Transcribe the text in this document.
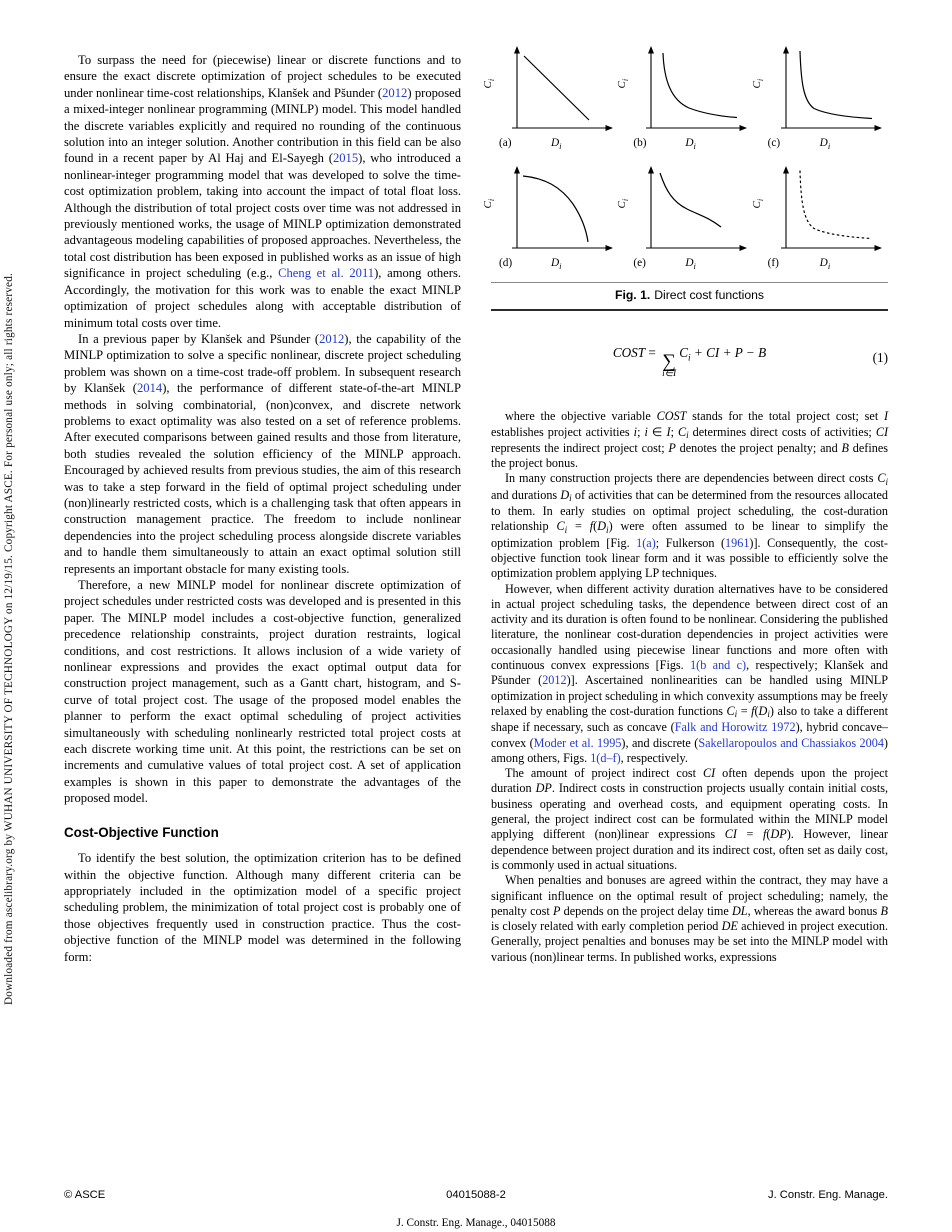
Downloaded from ascelibrary.org by WUHAN UNIVERSITY OF TECHNOLOGY on 12/19/15. Copyright ASCE. For personal use only; all rights reserved.

To surpass the need for (piecewise) linear or discrete functions and to ensure the exact discrete optimization of project schedules to be executed under nonlinear time-cost relationships, Klanšek and Pšunder (2012) proposed a mixed-integer nonlinear programming (MINLP) model. This model handled the discrete variables explicitly and required no rounding of the continuous solution into an integer solution. Another contribution in this field can be also found in a recent paper by Al Haj and El-Sayegh (2015), who introduced a nonlinear-integer programming model that was developed to solve the time-cost optimization problem, taking into account the impact of total float loss. Although the distribution of total project costs over time was not addressed in previously mentioned works, the usage of MINLP optimization demonstrated advantageous modeling capabilities of proposed approaches. Nevertheless, the total cost distribution has been exposed in published works as an issue of high significance in project scheduling (e.g., Cheng et al. 2011), among others. Accordingly, the motivation for this work was to enable the exact MINLP optimization of project schedules along with acceptable distribution of minimum total costs over time.

In a previous paper by Klanšek and Pšunder (2012), the capability of the MINLP optimization to solve a specific nonlinear, discrete project scheduling problem was shown on a time-cost trade-off problem. In subsequent research by Klanšek (2014), the performance of different state-of-the-art MINLP methods in solving combinatorial, (non)convex, and discrete network problems to exact optimality was also tested on a set of reference problems. After executed comparisons between gained results and those from literature, both studies revealed the solution efficiency of the MINLP approach. Encouraged by achieved results from previous studies, the aim of this research was to take a step forward in the field of optimal project scheduling under (non)linearly restricted costs, which is a challenging task that often appears in construction management practice. The freedom to include nonlinear dependencies into the project scheduling process alongside discrete variables and to handle them simultaneously to attain an exact optimal solution still represents an important obstacle for many existing tools.

Therefore, a new MINLP model for nonlinear discrete optimization of project schedules under restricted costs was developed and is presented in this paper. The MINLP model includes a cost-objective function, generalized precedence relationship constraints, project duration restraints, logical conditions, and cost restrictions. It allows inclusion of a wide variety of nonlinear expressions and provides the exact optimal output data for construction project management, such as a Gantt chart, histogram, and S-curve of total project cost. The usage of the proposed model enables the planner to perform the exact optimal scheduling of project activities simultaneously with scheduling nonlinearly restricted total project costs at each discrete working time unit. At this point, the restrictions can be set on increments and cumulative values of total project cost. A set of application examples is shown in this paper to demonstrate the advantages of the proposed model.

Cost-Objective Function

To identify the best solution, the optimization criterion has to be defined within the objective function. Although many different criteria can be appropriately included in the optimization model of a specific project scheduling problem, the minimization of total project cost is probably one of those objectives frequently used in construction practice. Thus the cost-objective function of the MINLP model was determined in the following form:

$C_i$
(a)	$D_i$
$C_i$
(b)	$D_i$
$C_i$
(c)	$D_i$
$C_i$
(d)	$D_i$
$C_i$
(e)	$D_i$
$C_i$
(f)	$D_i$
Fig. 1. Direct cost functions
COST = ∑
i∈I
$C_i$ + CI + P − B	(1)

where the objective variable COST stands for the total project cost; set I establishes project activities i; i ∈ I; $C_i$ determines direct costs of activities; CI represents the indirect project cost; P denotes the project penalty; and B defines the project bonus.

In many construction projects there are dependencies between direct costs $C_i$ and durations $D_i$ of activities that can be determined from the resources allocated to them. In early studies on optimal project scheduling, the cost-duration relationship $C_i = f(D_i)$ were often assumed to be linear to simplify the optimization problem [Fig. 1(a); Fulkerson (1961)]. Consequently, the cost-objective function took linear form and it was possible to efficiently solve the optimization problem applying LP techniques.

However, when different activity duration alternatives have to be considered in actual project scheduling tasks, the dependence between direct cost of an activity and its duration is often found to be nonlinear. Considering the published literature, the nonlinear cost-duration dependencies in project activities were occasionally handled using piecewise linear functions and more often with continuous convex expressions [Figs. 1(b and c), respectively; Klanšek and Pšunder (2012)]. Ascertained nonlinearities can be handled using MINLP optimization in project scheduling in which convexity assumptions may be freely relaxed by enabling the cost-duration functions $C_i = f(D_i)$ also to take a different shape if necessary, such as concave (Falk and Horowitz 1972), hybrid concave–convex (Moder et al. 1995), and discrete (Sakellaropoulos and Chassiakos 2004) among others, Figs. 1(d–f), respectively.

The amount of project indirect cost CI often depends upon the project duration DP. Indirect costs in construction projects usually contain initial costs, business operating and overhead costs, and equipment operating costs. In general, the project indirect cost can be formulated within the MINLP model applying different (non)linear expressions CI = f(DP). However, linear dependence between project duration and its indirect cost, often set as daily cost, is commonly used in actual situations.

When penalties and bonuses are agreed within the contract, they may have a significant influence on the optimal result of project scheduling; namely, the penalty cost P depends on the project delay time DL, whereas the award bonus B is closely related with early completion period DE achieved in project execution. Generally, project penalties and bonuses may be set into the MINLP model with various (non)linear terms. In published works, expressions

© ASCE	04015088-2	J. Constr. Eng. Manage.
J. Constr. Eng. Manage., 04015088
